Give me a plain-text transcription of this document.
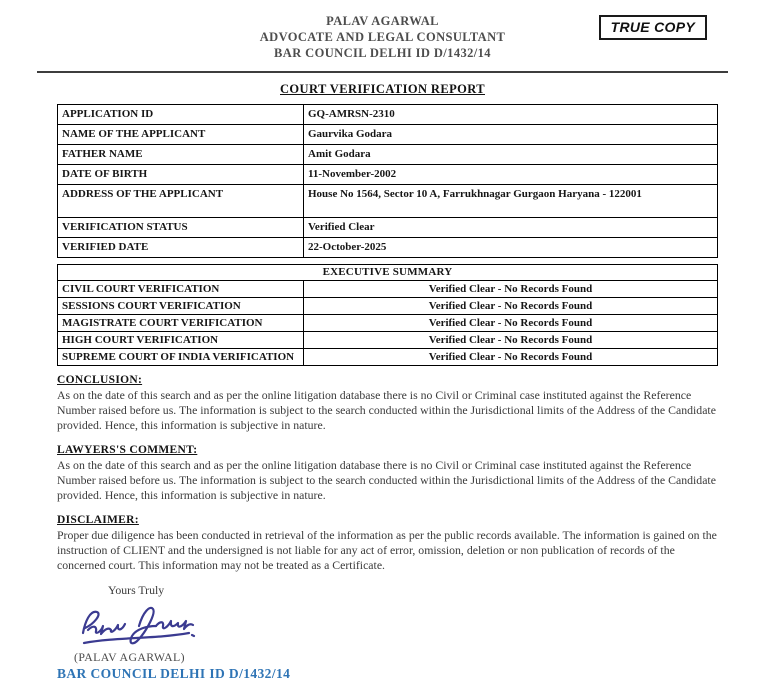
PALAV AGARWAL
ADVOCATE AND LEGAL CONSULTANT
BAR COUNCIL DELHI ID D/1432/14
TRUE COPY
COURT VERIFICATION REPORT
APPLICATION ID	GQ-AMRSN-2310
NAME OF THE APPLICANT	Gaurvika Godara
FATHER NAME	Amit Godara
DATE OF BIRTH	11-November-2002
ADDRESS OF THE APPLICANT	House No 1564, Sector 10 A, Farrukhnagar Gurgaon Haryana - 122001
VERIFICATION STATUS	Verified Clear
VERIFIED DATE	22-October-2025
EXECUTIVE SUMMARY	
CIVIL COURT VERIFICATION	Verified Clear - No Records Found
SESSIONS COURT VERIFICATION	Verified Clear - No Records Found
MAGISTRATE COURT VERIFICATION	Verified Clear - No Records Found
HIGH COURT VERIFICATION	Verified Clear - No Records Found
SUPREME COURT OF INDIA VERIFICATION	Verified Clear - No Records Found
CONCLUSION:
As on the date of this search and as per the online litigation database there is no Civil or Criminal case instituted against the Reference Number raised before us. The information is subject to the search conducted within the Jurisdictional limits of the Address of the Candidate provided. Hence, this information is subjective in nature.
LAWYERS'S COMMENT:
As on the date of this search and as per the online litigation database there is no Civil or Criminal case instituted against the Reference Number raised before us. The information is subject to the search conducted within the Jurisdictional limits of the Address of the Candidate provided. Hence, this information is subjective in nature.
DISCLAIMER:
Proper due diligence has been conducted in retrieval of the information as per the public records available. The information is gained on the instruction of CLIENT and the undersigned is not liable for any act of error, omission, deletion or non publication of records of the concerned court. This information may not be treated as a Certificate.
Yours Truly
(PALAV AGARWAL)
BAR COUNCIL DELHI ID D/1432/14
